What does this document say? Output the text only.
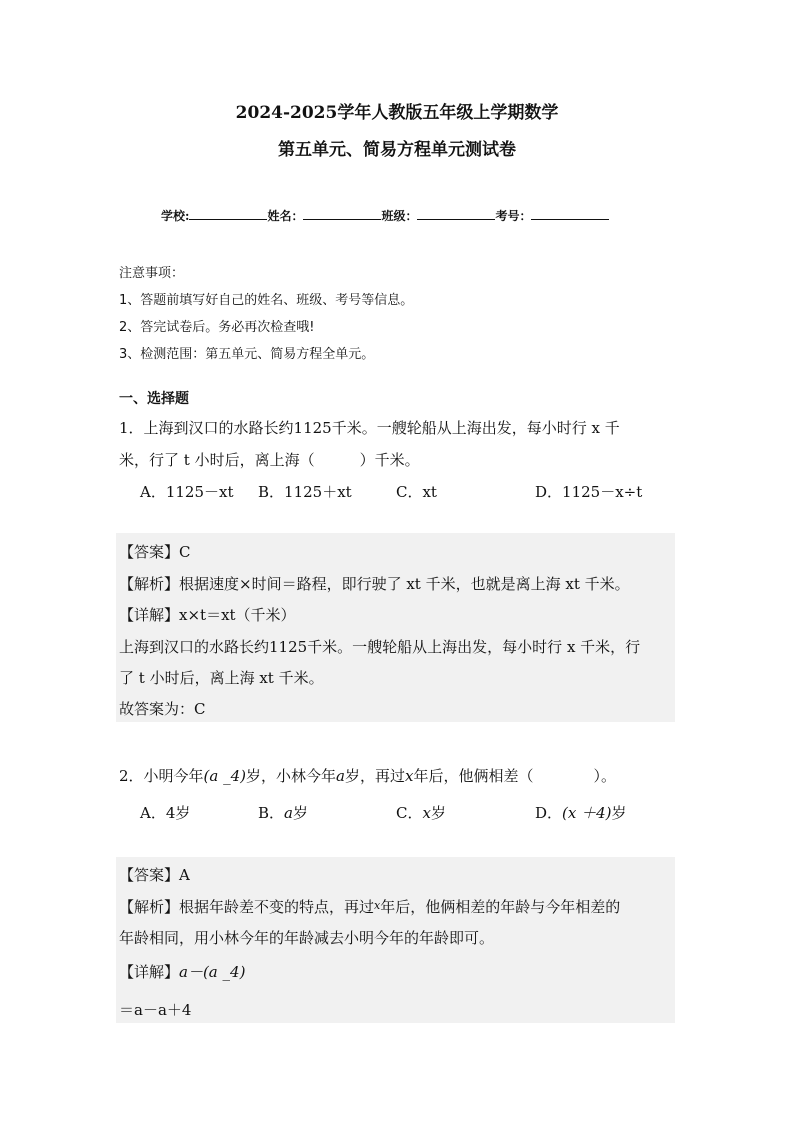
2024-2025学年人教版五年级上学期数学
第五单元、简易方程单元测试卷
学校:	姓名：	班级：	考号：
注意事项：
1、答题前填写好自己的姓名、班级、考号等信息。
2、答完试卷后。务必再次检查哦!
3、检测范围：第五单元、简易方程全单元。
一、选择题
1．上海到汉口的水路长约1125千米。一艘轮船从上海出发，每小时行 x 千
米，行了 t 小时后，离上海（　　　）千米。
A．1125－xt B．1125＋xt	C．xt	D．1125－x÷t
【答案】C
【解析】根据速度×时间＝路程，即行驶了 xt 千米，也就是离上海 xt 千米。
【详解】x×t＝xt（千米）
上海到汉口的水路长约1125千米。一艘轮船从上海出发，每小时行 x 千米，行
了 t 小时后，离上海 xt 千米。
故答案为：C
2．小明今年(a _4)岁，小林今年a岁，再过x年后，他俩相差（　　　　）。
A．4岁	B．a岁	C．x岁	D．(x ＋4)岁
【答案】A
【解析】根据年龄差不变的特点，再过$^x$年后，他俩相差的年龄与今年相差的
年龄相同，用小林今年的年龄减去小明今年的年龄即可。
【详解】a－(a _4)
＝a－a＋4
